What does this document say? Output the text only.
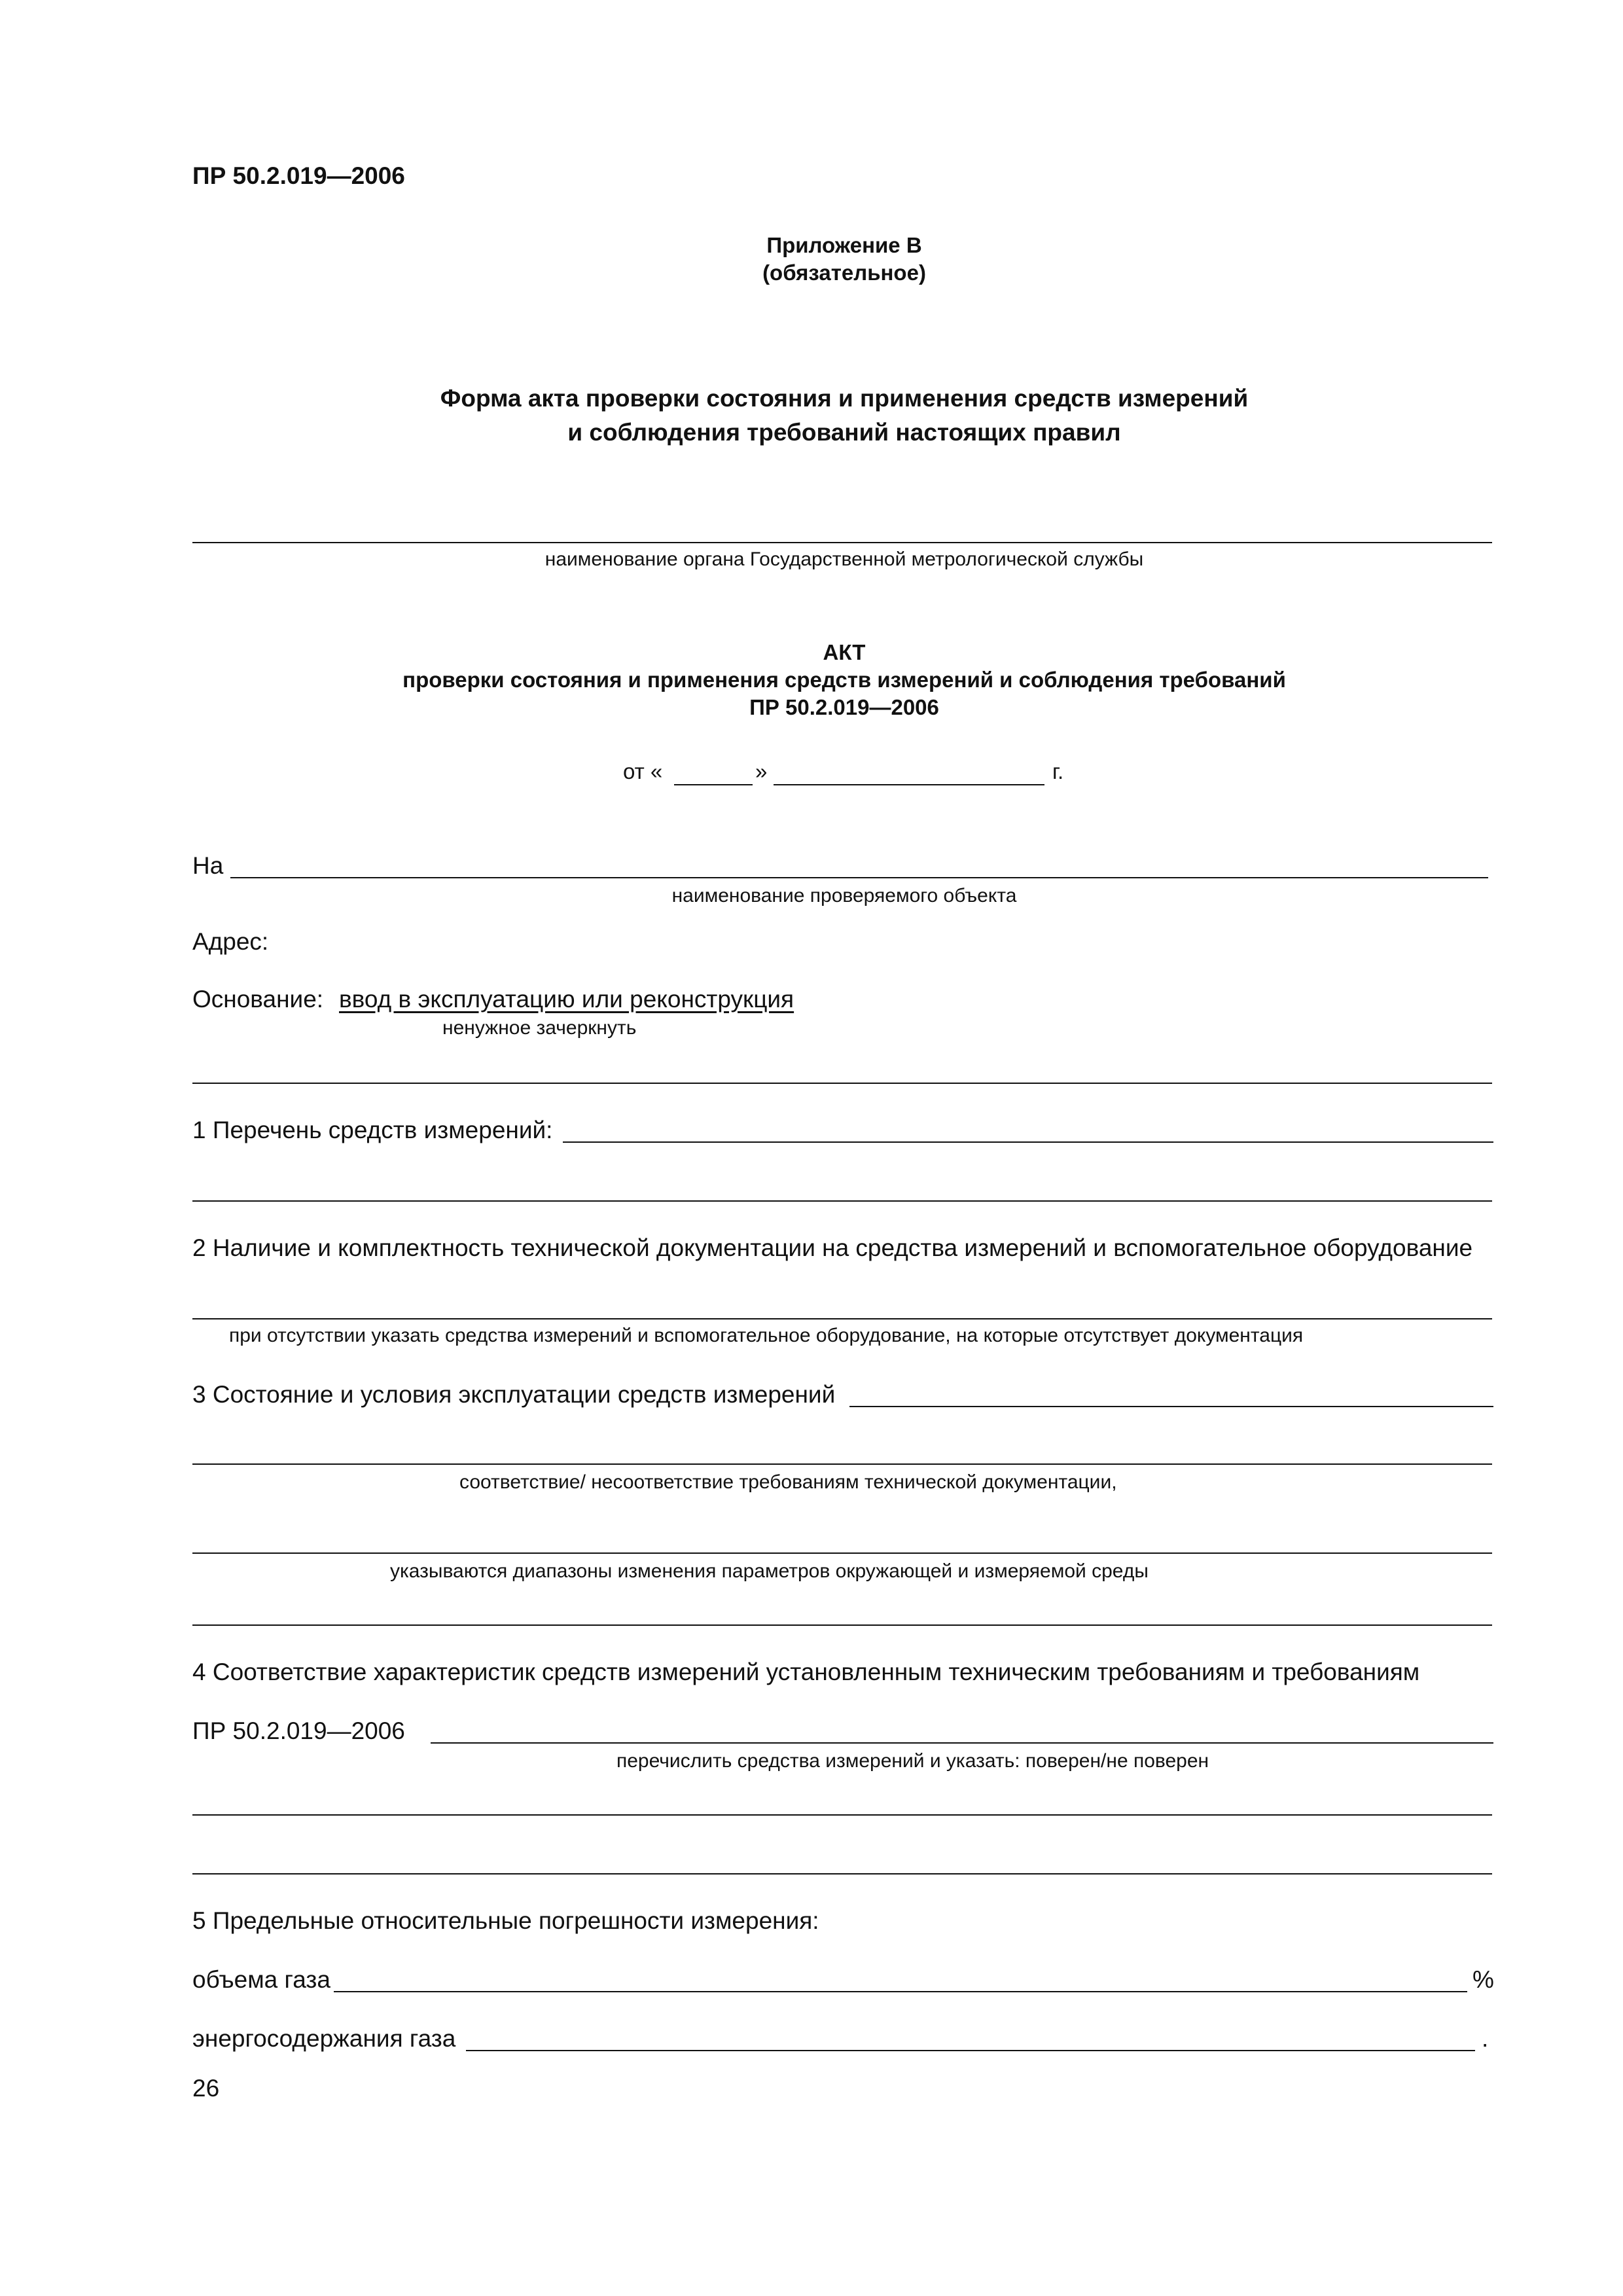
ПР 50.2.019—2006
Приложение В
(обязательное)
Форма акта проверки состояния и применения средств измерений
и соблюдения требований настоящих правил
наименование органа Государственной метрологической службы
АКТ
проверки состояния и применения средств измерений и соблюдения требований
ПР 50.2.019—2006
от «	»	г.
На
наименование проверяемого объекта
Адрес:
Основание: ввод в эксплуатацию или реконструкция
ненужное зачеркнуть
1 Перечень средств измерений:
2 Наличие и комплектность технической документации на средства измерений и вспомогательное оборудование
при отсутствии указать средства измерений и вспомогательное оборудование, на которые отсутствует документация
3 Состояние и условия эксплуатации средств измерений
соответствие/ несоответствие требованиям технической документации,
указываются диапазоны изменения параметров окружающей и измеряемой среды
4 Соответствие характеристик средств измерений установленным техническим требованиям и требованиям
ПР 50.2.019—2006
перечислить средства измерений и указать: поверен/не поверен
5 Предельные относительные погрешности измерения:
объема газа	%
энергосодержания газа	.
26
